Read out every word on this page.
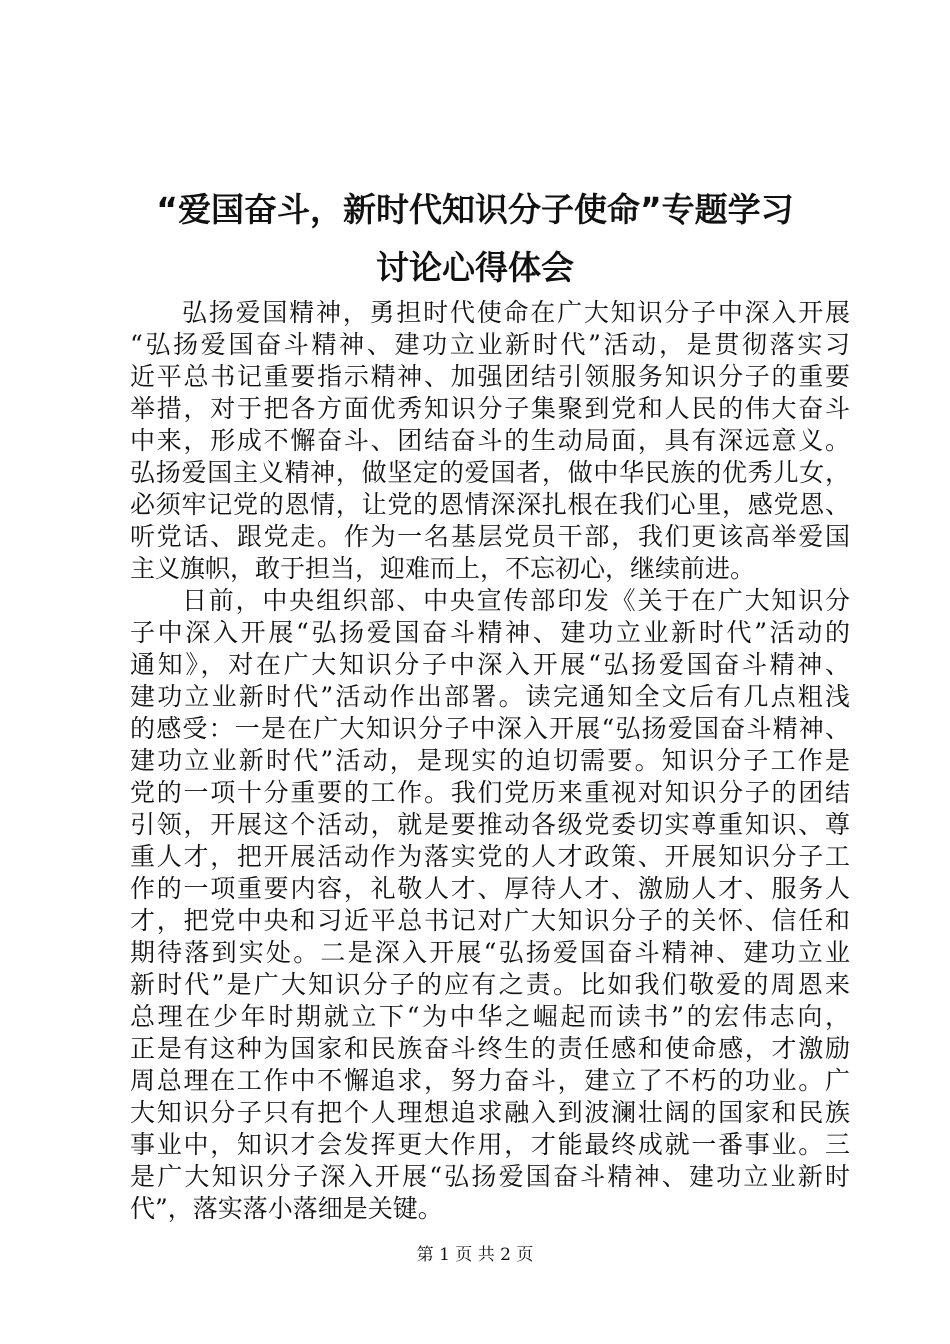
“爱国奋斗，新时代知识分子使命”专题学习
讨论心得体会
弘扬爱国精神，勇担时代使命在广大知识分子中深入开展
“弘扬爱国奋斗精神、建功立业新时代”活动，是贯彻落实习
近平总书记重要指示精神、加强团结引领服务知识分子的重要
举措，对于把各方面优秀知识分子集聚到党和人民的伟大奋斗
中来，形成不懈奋斗、团结奋斗的生动局面，具有深远意义。
弘扬爱国主义精神，做坚定的爱国者，做中华民族的优秀儿女，
必须牢记党的恩情，让党的恩情深深扎根在我们心里，感党恩、
听党话、跟党走。作为一名基层党员干部，我们更该高举爱国
主义旗帜，敢于担当，迎难而上，不忘初心，继续前进。
日前，中央组织部、中央宣传部印发《关于在广大知识分
子中深入开展“弘扬爱国奋斗精神、建功立业新时代”活动的
通知》，对在广大知识分子中深入开展“弘扬爱国奋斗精神、
建功立业新时代”活动作出部署。读完通知全文后有几点粗浅
的感受：一是在广大知识分子中深入开展“弘扬爱国奋斗精神、
建功立业新时代”活动，是现实的迫切需要。知识分子工作是
党的一项十分重要的工作。我们党历来重视对知识分子的团结
引领，开展这个活动，就是要推动各级党委切实尊重知识、尊
重人才，把开展活动作为落实党的人才政策、开展知识分子工
作的一项重要内容，礼敬人才、厚待人才、激励人才、服务人
才，把党中央和习近平总书记对广大知识分子的关怀、信任和
期待落到实处。二是深入开展“弘扬爱国奋斗精神、建功立业
新时代”是广大知识分子的应有之责。比如我们敬爱的周恩来
总理在少年时期就立下“为中华之崛起而读书”的宏伟志向，
正是有这种为国家和民族奋斗终生的责任感和使命感，才激励
周总理在工作中不懈追求，努力奋斗，建立了不朽的功业。广
大知识分子只有把个人理想追求融入到波澜壮阔的国家和民族
事业中，知识才会发挥更大作用，才能最终成就一番事业。三
是广大知识分子深入开展“弘扬爱国奋斗精神、建功立业新时
代”，落实落小落细是关键。
第 1 页 共 2 页
